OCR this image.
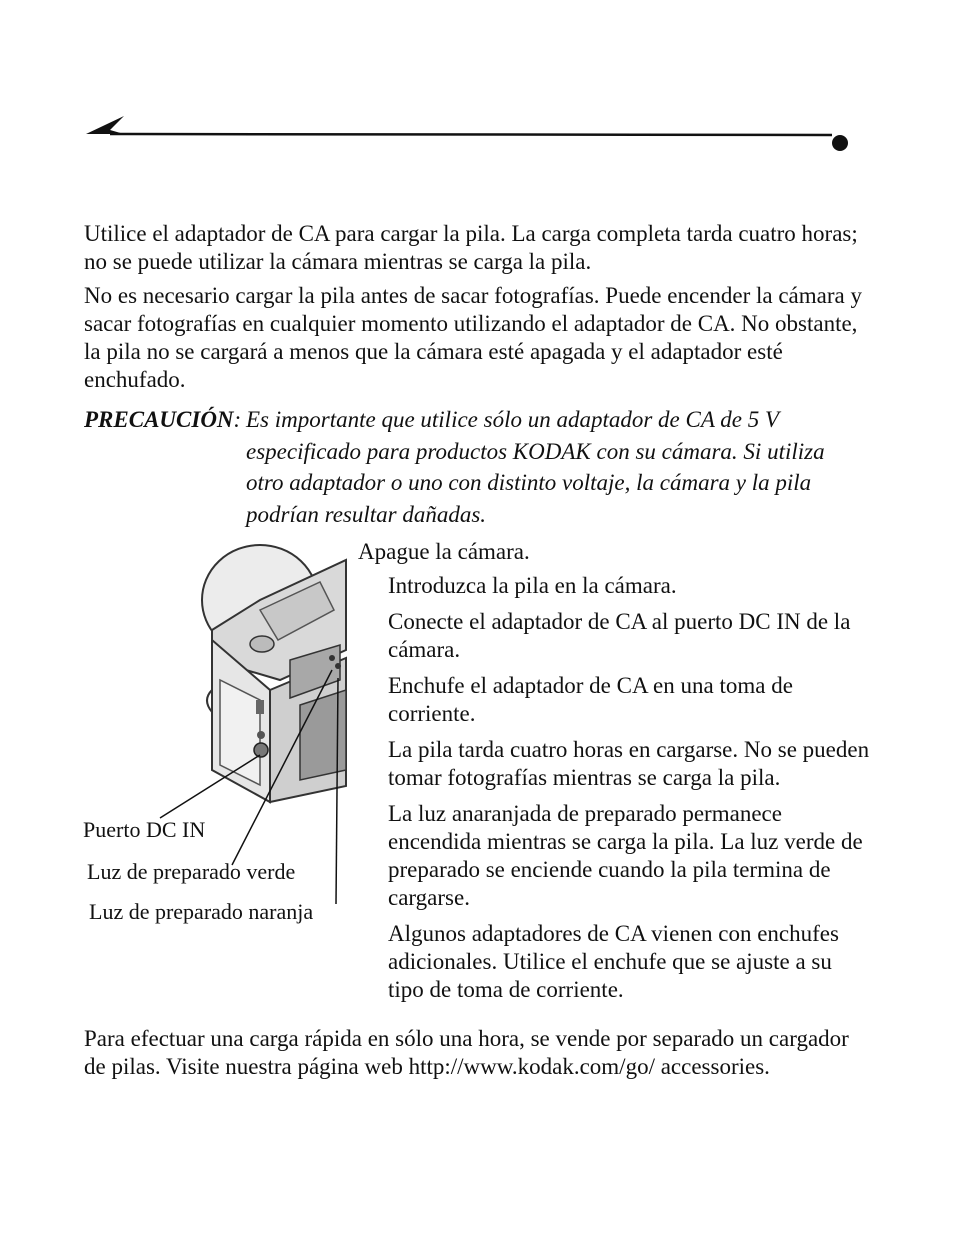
Utilice el adaptador de CA para cargar la pila. La carga completa tarda cuatro horas; no se puede utilizar la cámara mientras se carga la pila.

No es necesario cargar la pila antes de sacar fotografías. Puede encender la cámara y sacar fotografías en cualquier momento utilizando el adaptador de CA. No obstante, la pila no se cargará a menos que la cámara esté apagada y el adaptador esté enchufado.

PRECAUCIÓN: Es importante que utilice sólo un adaptador de CA de 5 V especificado para productos KODAK con su cámara. Si utiliza otro adaptador o uno con distinto voltaje, la cámara y la pila podrían resultar dañadas.
Puerto DC IN
Luz de preparado verde
Luz de preparado naranja

Apague la cámara.

Introduzca la pila en la cámara.

Conecte el adaptador de CA al puerto DC IN de la cámara.

Enchufe el adaptador de CA en una toma de corriente.

La pila tarda cuatro horas en cargarse. No se pueden tomar fotografías mientras se carga la pila.

La luz anaranjada de preparado permanece encendida mientras se carga la pila. La luz verde de preparado se enciende cuando la pila termina de cargarse.

Algunos adaptadores de CA vienen con enchufes adicionales. Utilice el enchufe que se ajuste a su tipo de toma de corriente.

Para efectuar una carga rápida en sólo una hora, se vende por separado un cargador de pilas. Visite nuestra página web http://www.kodak.com/go/ accessories.
